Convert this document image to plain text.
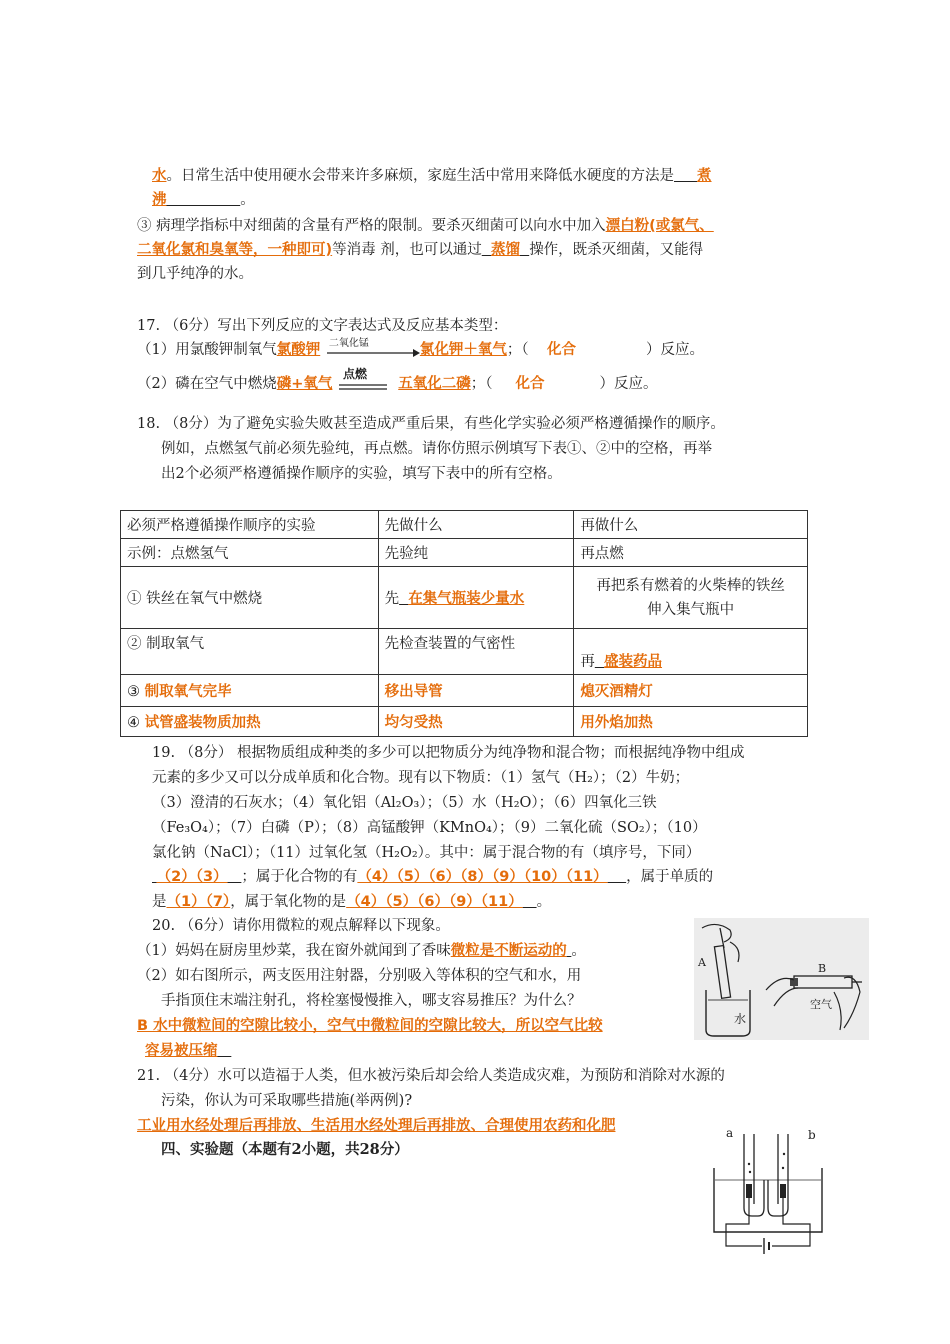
水。日常生活中使用硬水会带来许多麻烦，家庭生活中常用来降低水硬度的方法是 煮
沸	。
③ 病理学指标中对细菌的含量有严格的限制。要杀灭细菌可以向水中加入漂白粉(或氯气、
二氧化氯和臭氧等，一种即可)等消毒 剂，也可以通过 蒸馏 操作，既杀灭细菌，又能得
到几乎纯净的水。
17. （6分）写出下列反应的文字表达式及反应基本类型：
（1）用氯酸钾制氧气氯酸钾 二氧化锰	氯化钾＋氧气；（ 化合	）反应。
（2）磷在空气中燃烧磷+氧气
点燃
五氧化二磷；（ 化合	）反应。
18. （8分）为了避免实验失败甚至造成严重后果，有些化学实验必须严格遵循操作的顺序。
例如，点燃氢气前必须先验纯，再点燃。请你仿照示例填写下表①、②中的空格，再举
出2个必须严格遵循操作顺序的实验，填写下表中的所有空格。
必须严格遵循操作顺序的实验	先做什么	再做什么
示例：点燃氢气	先验纯	再点燃
① 铁丝在氧气中燃烧	先 在集气瓶装少量水	再把系有燃着的火柴棒的铁丝
伸入集气瓶中
② 制取氧气	先检查装置的气密性	再 盛装药品
③ 制取氧气完毕	移出导管	熄灭酒精灯
④ 试管盛装物质加热	均匀受热	用外焰加热
19. （8分） 根据物质组成种类的多少可以把物质分为纯净物和混合物；而根据纯净物中组成
元素的多少又可以分成单质和化合物。现有以下物质：（1）氢气（H₂）；（2）牛奶；
（3）澄清的石灰水；（4）氧化铝（Al₂O₃）；（5）水（H₂O）；（6）四氧化三铁
（Fe₃O₄）；（7）白磷（P）；（8）高锰酸钾（KMnO₄）；（9）二氧化硫（SO₂）；（10）
氯化钠（NaCl）；（11）过氧化氢（H₂O₂）。其中：属于混合物的有（填序号，下同）
（2）（3） ；属于化合物的有（4）（5）（6）（8）（9）（10）（11） ，属于单质的
是（1）（7），属于氧化物的是（4）（5）（6）（9）（11） 。
20. （6分）请你用微粒的观点解释以下现象。
（1）妈妈在厨房里炒菜，我在窗外就闻到了香味微粒是不断运动的 。
（2）如右图所示，两支医用注射器，分别吸入等体积的空气和水，用
手指顶住末端注射孔，将栓塞慢慢推入，哪支容易推压？为什么？
B 水中微粒间的空隙比较小，空气中微粒间的空隙比较大，所以空气比较
容易被压缩
A	B
水
空气
21. （4分）水可以造福于人类，但水被污染后却会给人类造成灾难，为预防和消除对水源的
污染，你认为可采取哪些措施(举两例)?
工业用水经处理后再排放、生活用水经处理后再排放、合理使用农药和化肥
四、实验题（本题有2小题，共28分）
a	b
